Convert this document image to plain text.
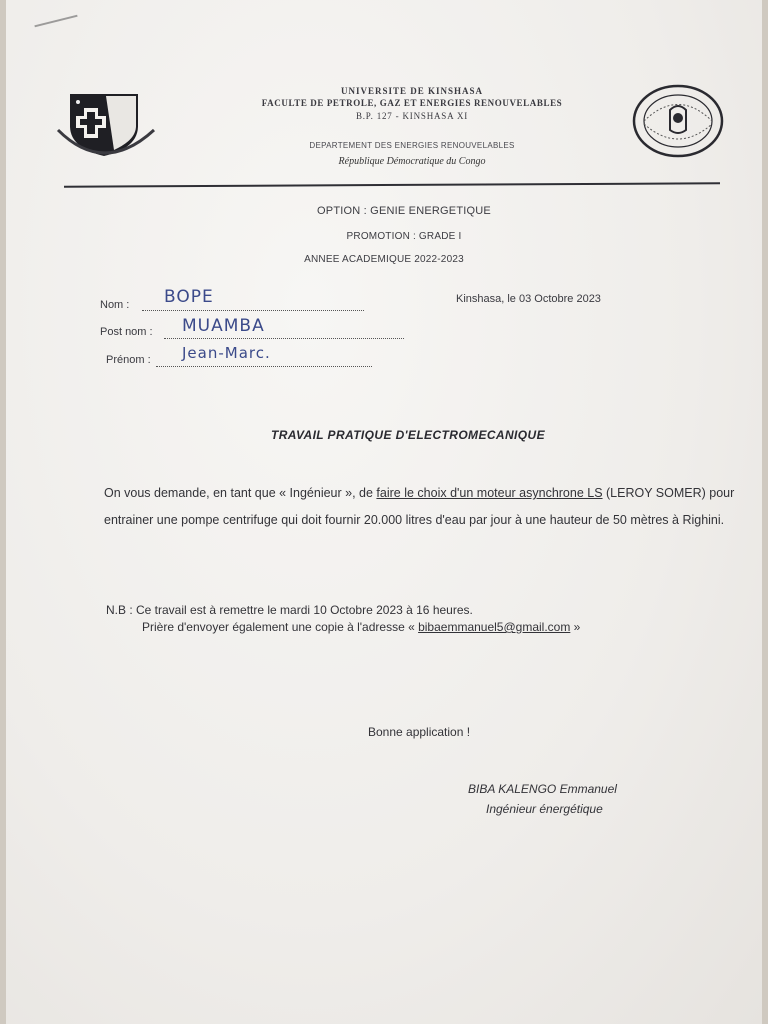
UNIVERSITE DE KINSHASA
FACULTE DE PETROLE, GAZ ET ENERGIES RENOUVELABLES
B.P. 127 - KINSHASA XI
DEPARTEMENT DES ENERGIES RENOUVELABLES
République Démocratique du Congo
OPTION : GENIE ENERGETIQUE
PROMOTION : GRADE I
ANNEE ACADEMIQUE 2022-2023
Nom : BOPE	Kinshasa, le 03 Octobre 2023
Post nom : MUAMBA
Prénom : Jean-Marc.
TRAVAIL PRATIQUE D'ELECTROMECANIQUE
On vous demande, en tant que « Ingénieur », de faire le choix d'un moteur asynchrone LS (LEROY SOMER) pour entrainer une pompe centrifuge qui doit fournir 20.000 litres d'eau par jour à une hauteur de 50 mètres à Righini.
N.B : Ce travail est à remettre le mardi 10 Octobre 2023 à 16 heures.
Prière d'envoyer également une copie à l'adresse « bibaemmanuel5@gmail.com »
Bonne application !
BIBA KALENGO Emmanuel
Ingénieur énergétique
